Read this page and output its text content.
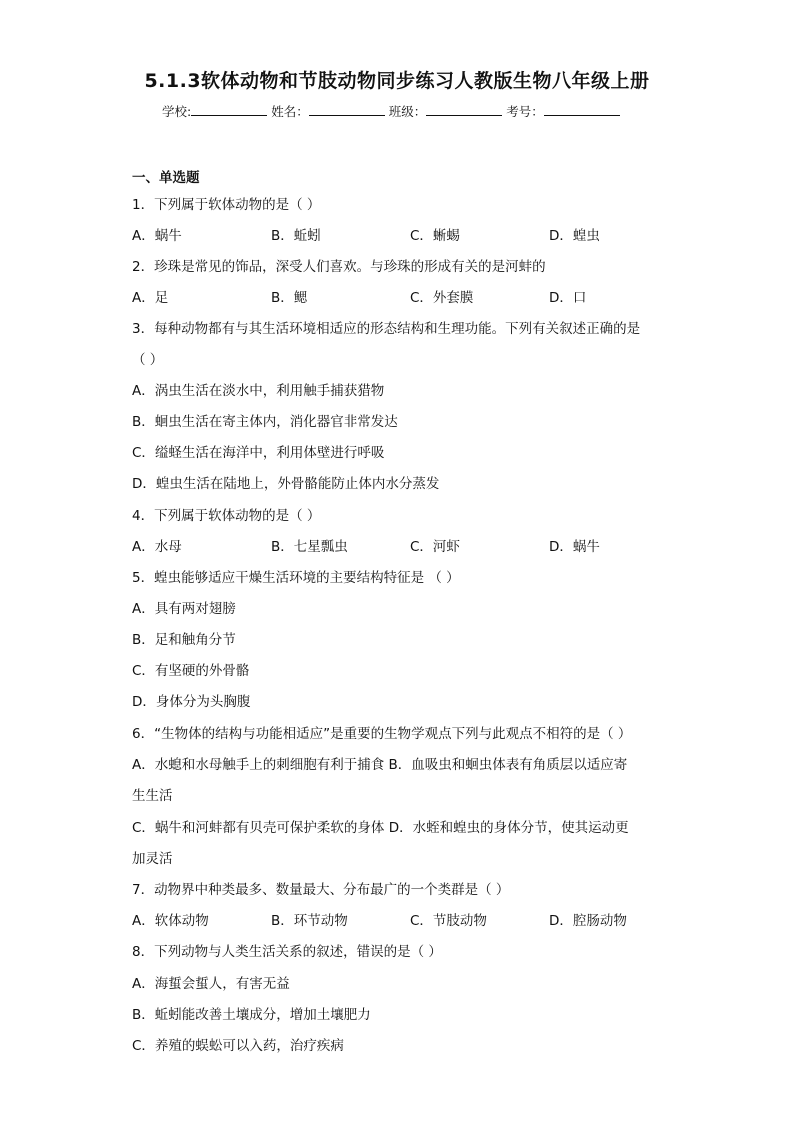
5.1.3软体动物和节肢动物同步练习人教版生物八年级上册
学校:	姓名：	班级：	考号：
一、单选题
1．下列属于软体动物的是（ ）
A．蜗牛	B．蚯蚓	C．蜥蜴	D．蝗虫
2．珍珠是常见的饰品，深受人们喜欢。与珍珠的形成有关的是河蚌的
A．足	B．鳃	C．外套膜	D．口
3．每种动物都有与其生活环境相适应的形态结构和生理功能。下列有关叙述正确的是
（ ）
A．涡虫生活在淡水中，利用触手捕获猎物
B．蛔虫生活在寄主体内，消化器官非常发达
C．缢蛏生活在海洋中，利用体壁进行呼吸
D．蝗虫生活在陆地上，外骨骼能防止体内水分蒸发
4．下列属于软体动物的是（ ）
A．水母	B．七星瓢虫	C．河虾	D．蜗牛
5．蝗虫能够适应干燥生活环境的主要结构特征是 （ ）
A．具有两对翅膀
B．足和触角分节
C．有坚硬的外骨骼
D．身体分为头胸腹
6．“生物体的结构与功能相适应”是重要的生物学观点下列与此观点不相符的是（ ）
A．水螅和水母触手上的刺细胞有利于捕食 B．血吸虫和蛔虫体表有角质层以适应寄
生生活
C．蜗牛和河蚌都有贝壳可保护柔软的身体 D．水蛭和蝗虫的身体分节，使其运动更
加灵活
7．动物界中种类最多、数量最大、分布最广的一个类群是（ ）
A．软体动物	B．环节动物	C．节肢动物	D．腔肠动物
8．下列动物与人类生活关系的叙述，错误的是（ ）
A．海蜇会蜇人，有害无益
B．蚯蚓能改善土壤成分，增加土壤肥力
C．养殖的蜈蚣可以入药，治疗疾病
